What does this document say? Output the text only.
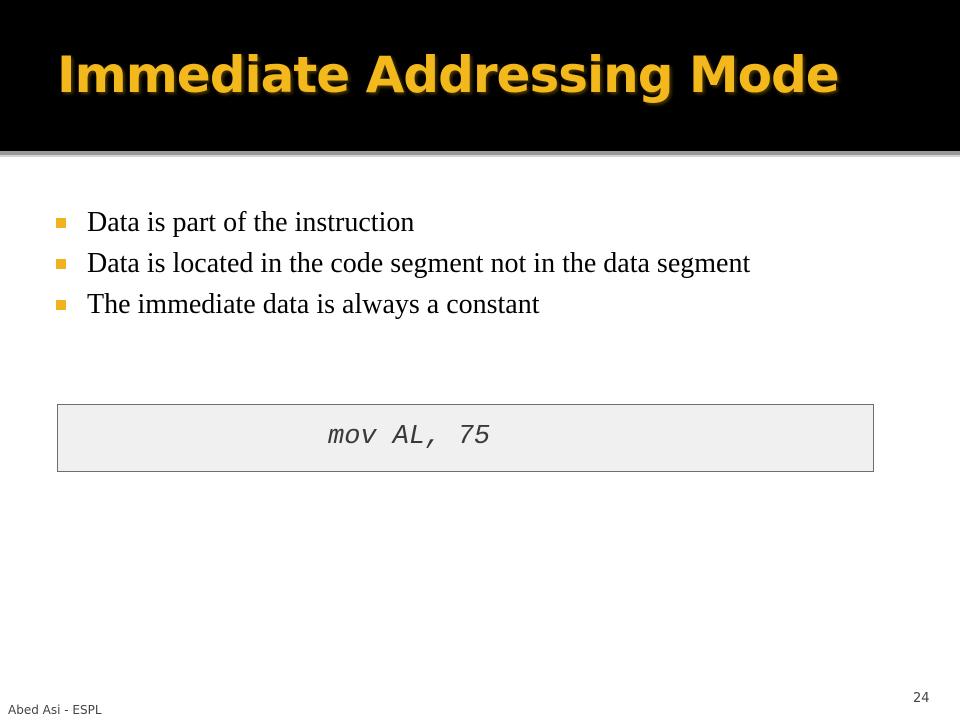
Immediate Addressing Mode
Data is part of the instruction
Data is located in the code segment not in the data segment
The immediate data is always a constant
mov AL, 75
Abed Asi - ESPL
24
